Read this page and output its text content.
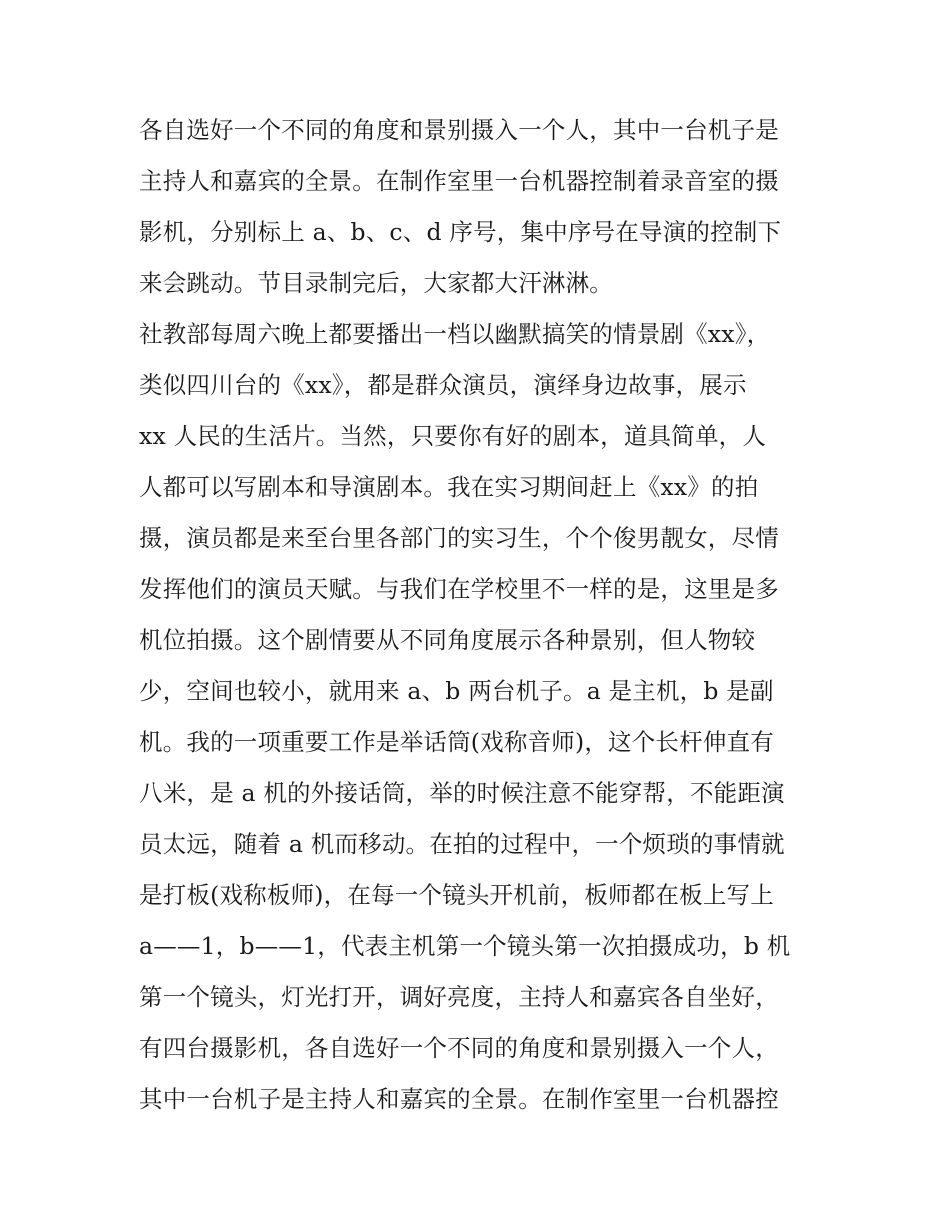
各自选好一个不同的角度和景别摄入一个人，其中一台机子是
主持人和嘉宾的全景。在制作室里一台机器控制着录音室的摄
影机，分别标上 a、b、c、d 序号，集中序号在导演的控制下
来会跳动。节目录制完后，大家都大汗淋淋。
社教部每周六晚上都要播出一档以幽默搞笑的情景剧《xx》，
类似四川台的《xx》，都是群众演员，演绎身边故事，展示
xx 人民的生活片。当然，只要你有好的剧本，道具简单，人
人都可以写剧本和导演剧本。我在实习期间赶上《xx》的拍
摄，演员都是来至台里各部门的实习生，个个俊男靓女，尽情
发挥他们的演员天赋。与我们在学校里不一样的是，这里是多
机位拍摄。这个剧情要从不同角度展示各种景别，但人物较
少，空间也较小，就用来 a、b 两台机子。a 是主机，b 是副
机。我的一项重要工作是举话筒(戏称音师)，这个长杆伸直有
八米，是 a 机的外接话筒，举的时候注意不能穿帮，不能距演
员太远，随着 a 机而移动。在拍的过程中，一个烦琐的事情就
是打板(戏称板师)，在每一个镜头开机前，板师都在板上写上
a——1，b——1，代表主机第一个镜头第一次拍摄成功，b 机
第一个镜头，灯光打开，调好亮度，主持人和嘉宾各自坐好，
有四台摄影机，各自选好一个不同的角度和景别摄入一个人，
其中一台机子是主持人和嘉宾的全景。在制作室里一台机器控
